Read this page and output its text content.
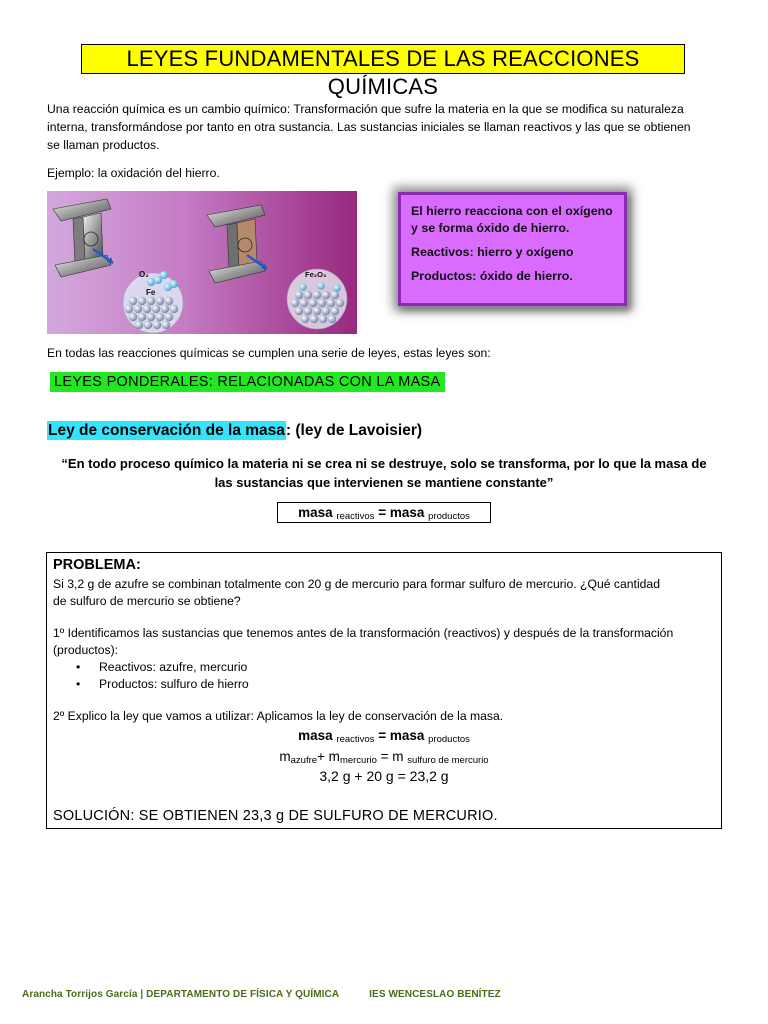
LEYES FUNDAMENTALES DE LAS REACCIONES QUÍMICAS
Una reacción química es un cambio químico: Transformación que sufre la materia en la que se modifica su naturaleza
interna, transformándose por tanto en otra sustancia. Las sustancias iniciales se llaman reactivos y las que se obtienen
se llaman productos.
Ejemplo: la oxidación del hierro.
O₂
Fe
Fe₂O₃

El hierro reacciona con el oxígeno
y se forma óxido de hierro.

Reactivos: hierro y oxígeno

Productos: óxido de hierro.

En todas las reacciones químicas se cumplen una serie de leyes, estas leyes son:
LEYES PONDERALES: RELACIONADAS CON LA MASA
Ley de conservación de la masa: (ley de Lavoisier)
“En todo proceso químico la materia ni se crea ni se destruye, solo se transforma, por lo que la masa de
las sustancias que intervienen se mantiene constante”
masa $_{reactivos}$ = masa $_{productos}$
PROBLEMA:
Si 3,2 g de azufre se combinan totalmente con 20 g de mercurio para formar sulfuro de mercurio. ¿Qué cantidad
de sulfuro de mercurio se obtiene?
1º Identificamos las sustancias que tenemos antes de la transformación (reactivos) y después de la transformación
(productos):
• Reactivos: azufre, mercurio
• Productos: sulfuro de hierro
2º Explico la ley que vamos a utilizar: Aplicamos la ley de conservación de la masa.
masa $_{reactivos}$ = masa $_{productos}$
$m_{azufre}+ m_{mercurio} = m$ $_{sulfuro de mercurio}$
3,2 g + 20 g = 23,2 g
SOLUCIÓN: SE OBTIENEN 23,3 g DE SULFURO DE MERCURIO.
Arancha Torrijos García | DEPARTAMENTO DE FÍSICA Y QUÍMICA	IES WENCESLAO BENÍTEZ
